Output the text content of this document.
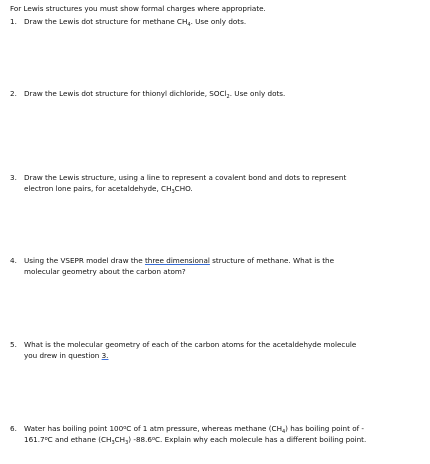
For Lewis structures you must show formal charges where appropriate.
1. Draw the Lewis dot structure for methane $CH_4$. Use only dots.
2. Draw the Lewis dot structure for thionyl dichloride, SOCl$_2$. Use only dots.
3. Draw the Lewis structure, using a line to represent a covalent bond and dots to represent
electron lone pairs, for acetaldehyde, $CH_3CHO$.
4. Using the VSEPR model draw the three dimensional structure of methane. What is the
molecular geometry about the carbon atom?
5. What is the molecular geometry of each of the carbon atoms for the acetaldehyde molecule
you drew in question 3.
6. Water has boiling point 100$^o$C of 1 atm pressure, whereas methane $(CH_4)$ has boiling point of -
161.7$^o$C and ethane $(CH_3CH_3)$ -88.6$^o$C. Explain why each molecule has a different boiling point.
